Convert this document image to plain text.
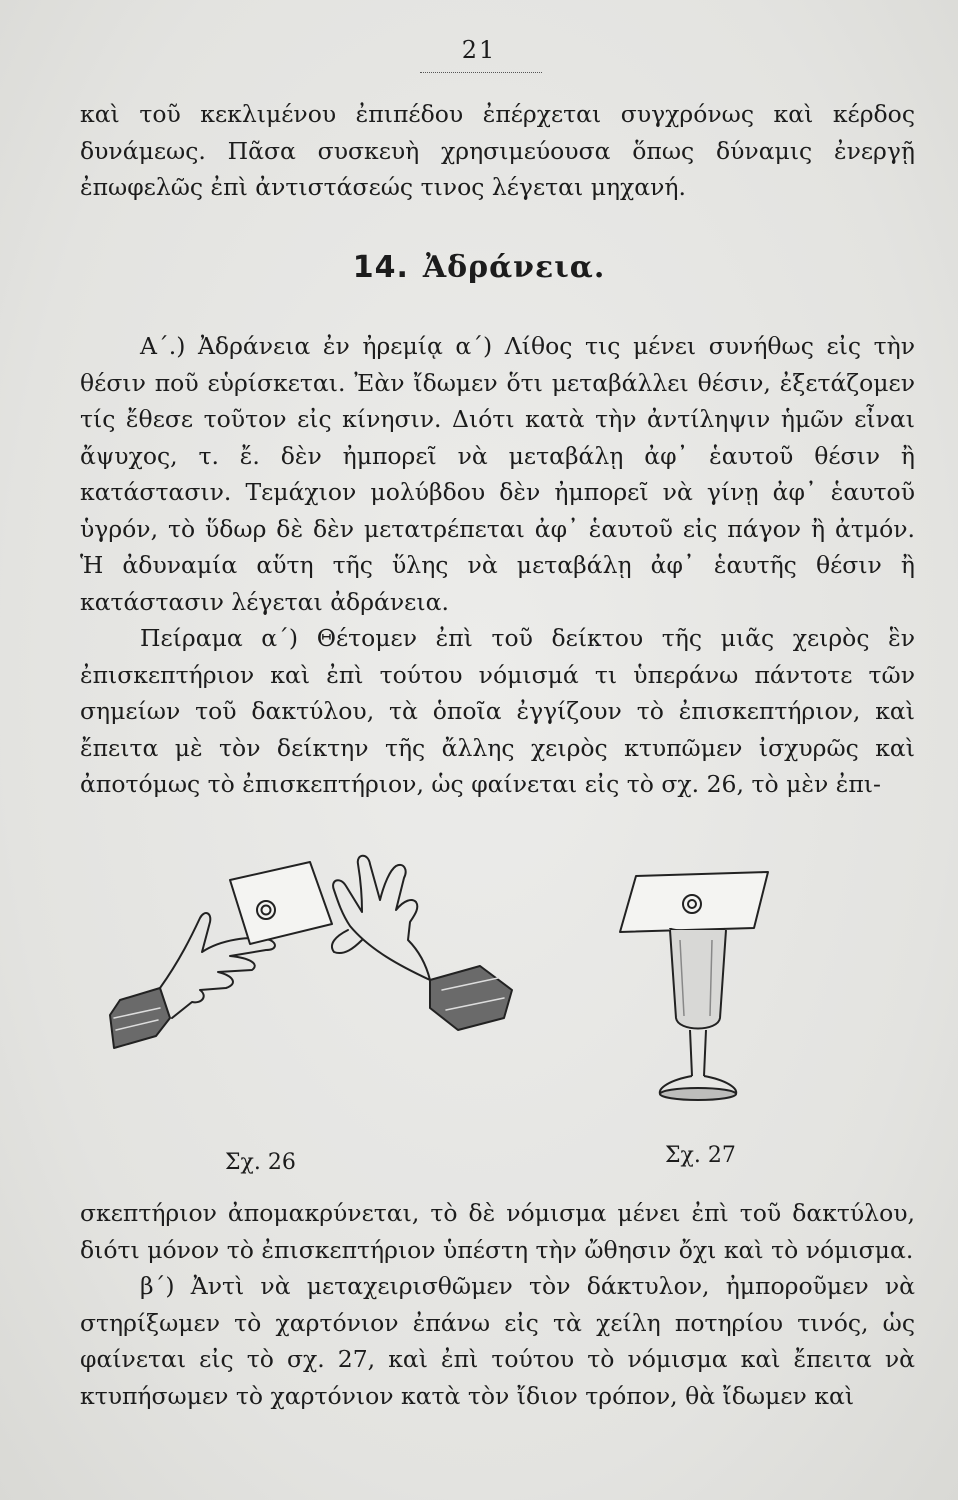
21

καὶ τοῦ κεκλιμένου ἐπιπέδου ἐπέρχεται συγχρόνως καὶ κέρδος δυνάμεως. Πᾶσα συσκευὴ χρησιμεύουσα ὅπως δύναμις ἐνεργῇ ἐπωφελῶς ἐπὶ ἀντιστάσεώς τινος λέγεται μηχανή.

14. Ἀδράνεια.

Α΄.) Ἀδράνεια ἐν ἠρεμίᾳ α΄) Λίθος τις μένει συνήθως εἰς τὴν θέσιν ποῦ εὑρίσκεται. Ἐὰν ἴδωμεν ὅτι μεταβάλλει θέσιν, ἐξετάζομεν τίς ἔθεσε τοῦτον εἰς κίνησιν. Διότι κατὰ τὴν ἀντίληψιν ἡμῶν εἶναι ἄψυχος, τ. ἔ. δὲν ἠμπορεῖ νὰ μεταβάλῃ ἀφ᾽ ἑαυτοῦ θέσιν ἢ κατάστασιν. Τεμάχιον μολύβδου δὲν ἠμπορεῖ νὰ γίνῃ ἀφ᾽ ἑαυτοῦ ὑγρόν, τὸ ὕδωρ δὲ δὲν μετατρέπεται ἀφ᾽ ἑαυτοῦ εἰς πάγον ἢ ἀτμόν. Ἡ ἀδυναμία αὕτη τῆς ὕλης νὰ μεταβάλῃ ἀφ᾽ ἑαυτῆς θέσιν ἢ κατάστασιν λέγεται ἀδράνεια.

Πείραμα α΄) Θέτομεν ἐπὶ τοῦ δείκτου τῆς μιᾶς χειρὸς ἓν ἐπισκεπτήριον καὶ ἐπὶ τούτου νόμισμά τι ὑπεράνω πάντοτε τῶν σημείων τοῦ δακτύλου, τὰ ὁποῖα ἐγγίζουν τὸ ἐπισκεπτήριον, καὶ ἔπειτα μὲ τὸν δείκτην τῆς ἄλλης χειρὸς κτυπῶμεν ἰσχυρῶς καὶ ἀποτόμως τὸ ἐπισκεπτήριον, ὡς φαίνεται εἰς τὸ σχ. 26, τὸ μὲν ἐπι-

Σχ. 26	Σχ. 27

σκεπτήριον ἀπομακρύνεται, τὸ δὲ νόμισμα μένει ἐπὶ τοῦ δακτύλου, διότι μόνον τὸ ἐπισκεπτήριον ὑπέστη τὴν ὤθησιν ὄχι καὶ τὸ νόμισμα.

β΄) Ἀντὶ νὰ μεταχειρισθῶμεν τὸν δάκτυλον, ἠμποροῦμεν νὰ στηρίξωμεν τὸ χαρτόνιον ἐπάνω εἰς τὰ χείλη ποτηρίου τινός, ὡς φαίνεται εἰς τὸ σχ. 27, καὶ ἐπὶ τούτου τὸ νόμισμα καὶ ἔπειτα νὰ κτυπήσωμεν τὸ χαρτόνιον κατὰ τὸν ἴδιον τρόπον, θὰ ἴδωμεν καὶ
